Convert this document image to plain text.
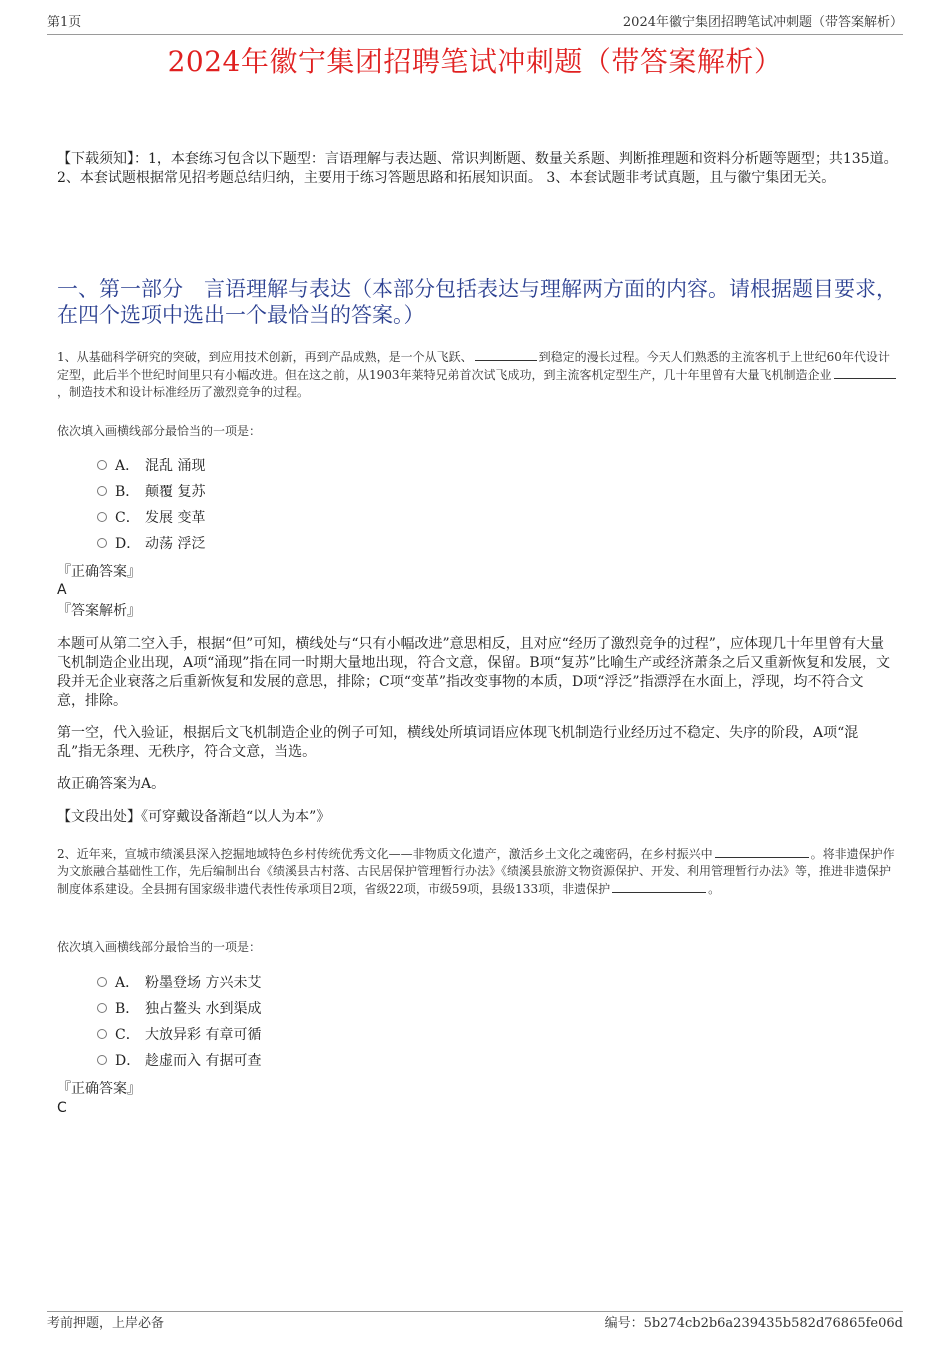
第1页	2024年徽宁集团招聘笔试冲刺题（带答案解析）
2024年徽宁集团招聘笔试冲刺题（带答案解析）
【下载须知】：1，本套练习包含以下题型：言语理解与表达题、常识判断题、数量关系题、判断推理题和资料分析题等题型；共135道。 2、本套试题根据常见招考题总结归纳，主要用于练习答题思路和拓展知识面。 3、本套试题非考试真题，且与徽宁集团无关。
一、第一部分　言语理解与表达（本部分包括表达与理解两方面的内容。请根据题目要求，在四个选项中选出一个最恰当的答案。）
1、从基础科学研究的突破，到应用技术创新，再到产品成熟，是一个从飞跃、	到稳定的漫长过程。今天人们熟悉的主流客机于上世纪60年代设计定型，此后半个世纪时间里只有小幅改进。但在这之前，从1903年莱特兄弟首次试飞成功，到主流客机定型生产，几十年里曾有大量飞机制造企业，制造技术和设计标准经历了激烈竞争的过程。
依次填入画横线部分最恰当的一项是：
A． 混乱 涌现
B． 颠覆 复苏
C． 发展 变革
D． 动荡 浮泛
『正确答案』
A
『答案解析』
本题可从第二空入手，根据“但”可知，横线处与“只有小幅改进”意思相反，且对应“经历了激烈竞争的过程”，应体现几十年里曾有大量飞机制造企业出现，A项“涌现”指在同一时期大量地出现，符合文意，保留。B项“复苏”比喻生产或经济萧条之后又重新恢复和发展，文段并无企业衰落之后重新恢复和发展的意思，排除；C项“变革”指改变事物的本质，D项“浮泛”指漂浮在水面上，浮现，均不符合文意，排除。
第一空，代入验证，根据后文飞机制造企业的例子可知，横线处所填词语应体现飞机制造行业经历过不稳定、失序的阶段，A项“混乱”指无条理、无秩序，符合文意，当选。
故正确答案为A。
【文段出处】《可穿戴设备渐趋“以人为本”》
2、近年来，宣城市绩溪县深入挖掘地域特色乡村传统优秀文化——非物质文化遗产，激活乡土文化之魂密码，在乡村振兴中	。将非遗保护作为文旅融合基础性工作，先后编制出台《绩溪县古村落、古民居保护管理暂行办法》《绩溪县旅游文物资源保护、开发、利用管理暂行办法》等，推进非遗保护制度体系建设。全县拥有国家级非遗代表性传承项目2项，省级22项，市级59项，县级133项，非遗保护	。
依次填入画横线部分最恰当的一项是：
A． 粉墨登场 方兴未艾
B． 独占鳌头 水到渠成
C． 大放异彩 有章可循
D． 趁虚而入 有据可查
『正确答案』
C
考前押题，上岸必备	编号：5b274cb2b6a239435b582d76865fe06d
